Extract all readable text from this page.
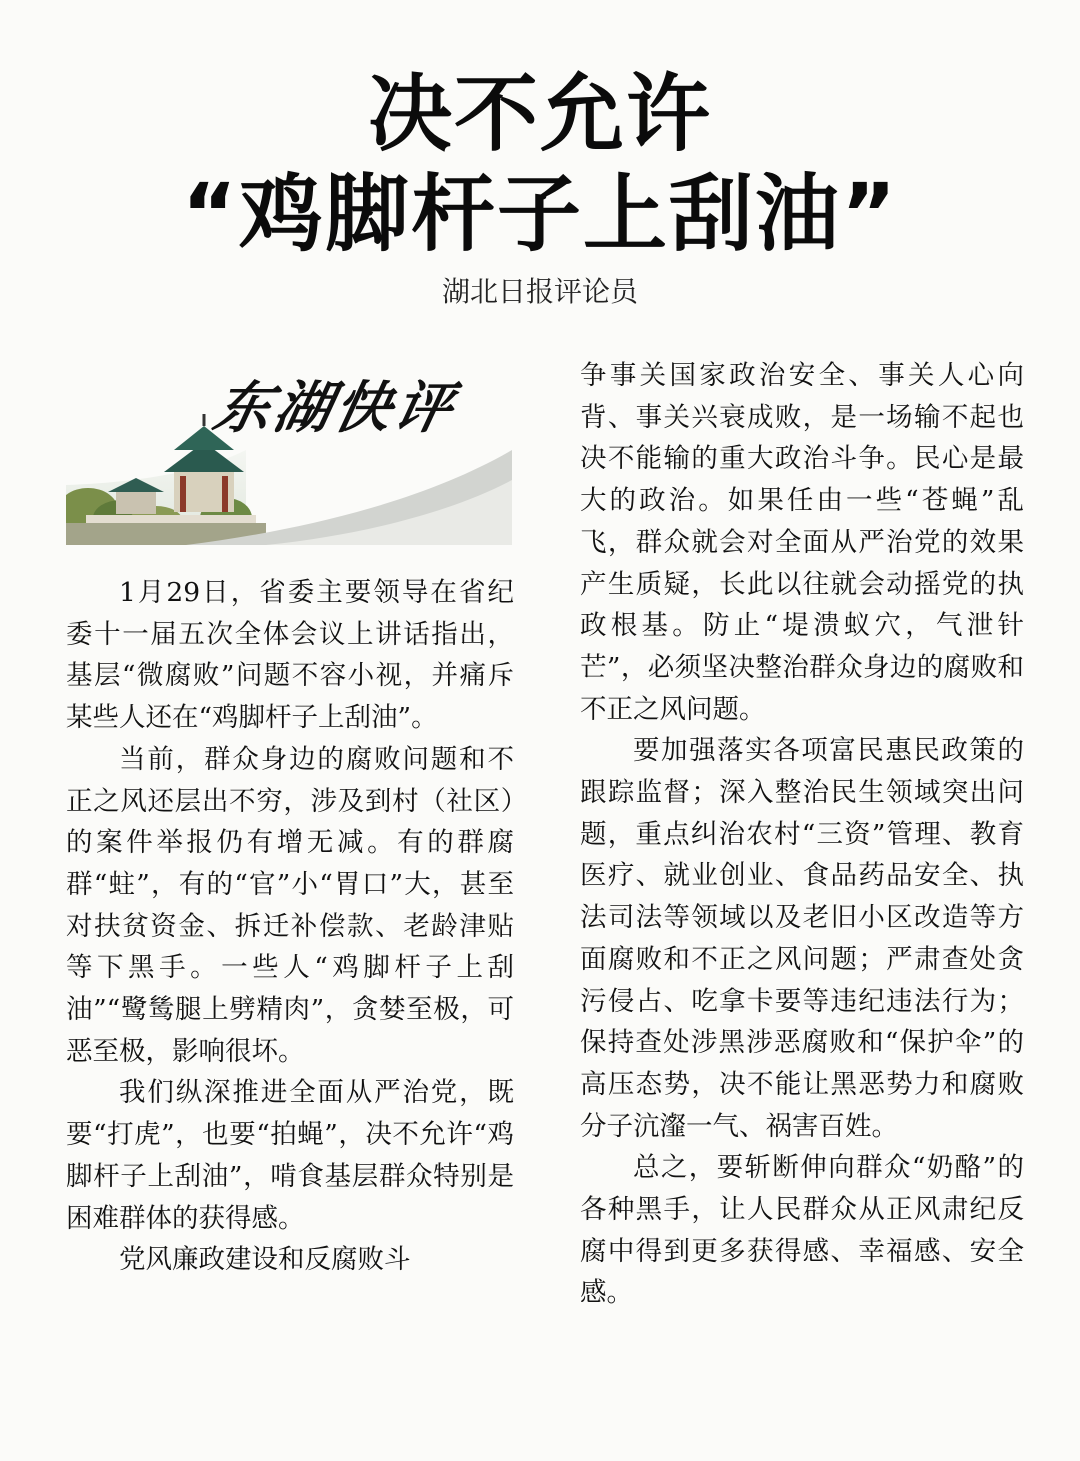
决不允许
“鸡脚杆子上刮油”
湖北日报评论员
东湖快评

1月29日，省委主要领导在省纪委十一届五次全体会议上讲话指出，基层“微腐败”问题不容小视，并痛斥某些人还在“鸡脚杆子上刮油”。

当前，群众身边的腐败问题和不正之风还层出不穷，涉及到村（社区）的案件举报仍有增无减。有的群腐群“蛀”，有的“官”小“胃口”大，甚至对扶贫资金、拆迁补偿款、老龄津贴等下黑手。一些人“鸡脚杆子上刮油”“鹭鸶腿上劈精肉”，贪婪至极，可恶至极，影响很坏。

我们纵深推进全面从严治党，既要“打虎”，也要“拍蝇”，决不允许“鸡脚杆子上刮油”，啃食基层群众特别是困难群体的获得感。

党风廉政建设和反腐败斗

争事关国家政治安全、事关人心向背、事关兴衰成败，是一场输不起也决不能输的重大政治斗争。民心是最大的政治。如果任由一些“苍蝇”乱飞，群众就会对全面从严治党的效果产生质疑，长此以往就会动摇党的执政根基。防止“堤溃蚁穴，气泄针芒”，必须坚决整治群众身边的腐败和不正之风问题。

要加强落实各项富民惠民政策的跟踪监督；深入整治民生领域突出问题，重点纠治农村“三资”管理、教育医疗、就业创业、食品药品安全、执法司法等领域以及老旧小区改造等方面腐败和不正之风问题；严肃查处贪污侵占、吃拿卡要等违纪违法行为；保持查处涉黑涉恶腐败和“保护伞”的高压态势，决不能让黑恶势力和腐败分子沆瀣一气、祸害百姓。

总之，要斩断伸向群众“奶酪”的各种黑手，让人民群众从正风肃纪反腐中得到更多获得感、幸福感、安全感。
